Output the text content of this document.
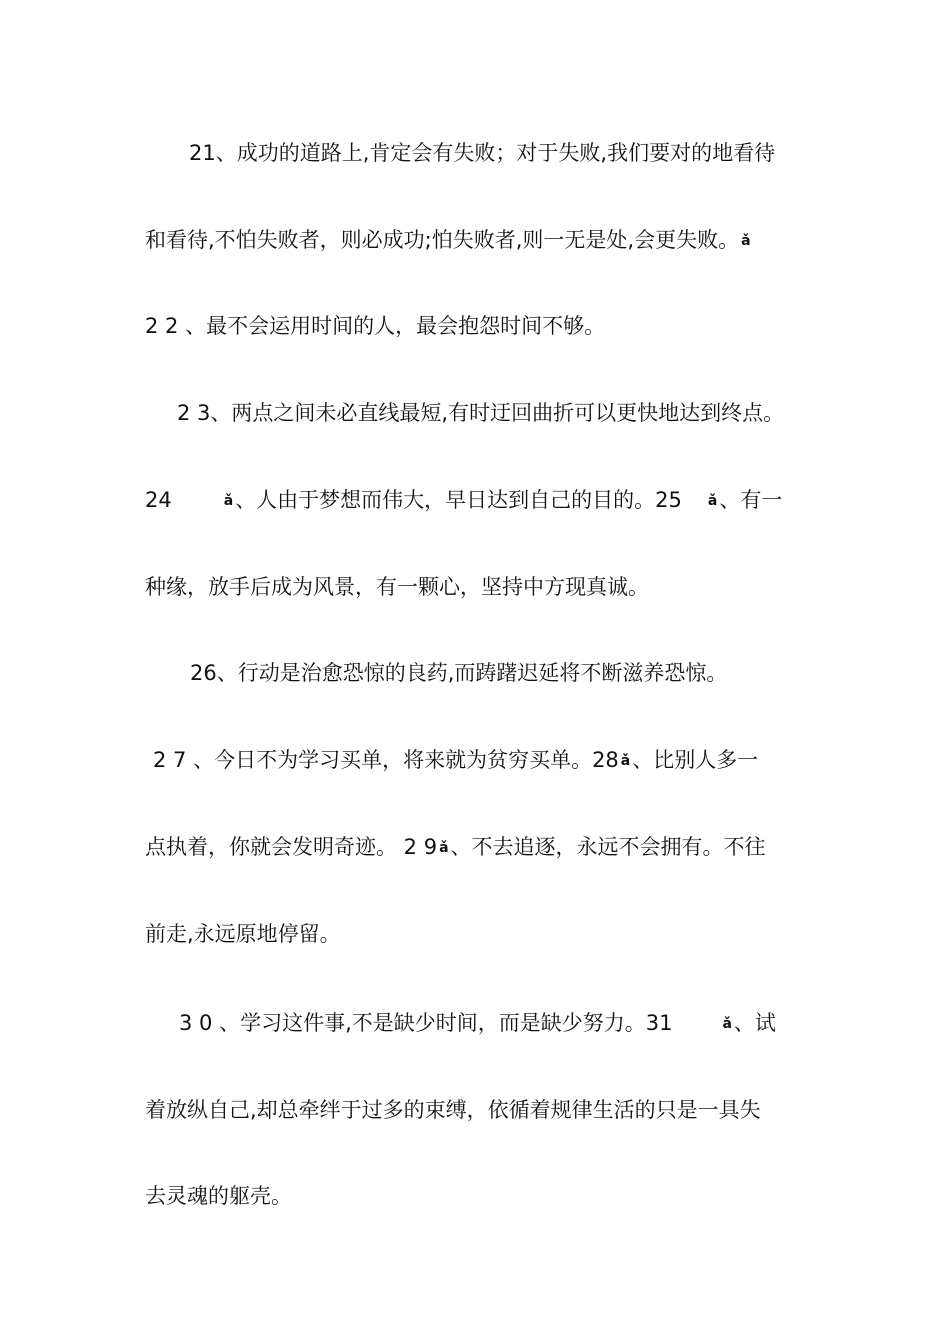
21、成功的道路上,肯定会有失败；对于失败,我们要对的地看待
和看待,不怕失败者，则必成功;怕失败者,则一无是处,会更失败。 ǎ
2 2 、最不会运用时间的人，最会抱怨时间不够。
2 3、两点之间未必直线最短,有时迂回曲折可以更快地达到终点。
24	ǎ、人由于梦想而伟大，早日达到自己的目的。25 ǎ、有一
种缘，放手后成为风景，有一颗心，坚持中方现真诚。
26、行动是治愈恐惊的良药,而踌躇迟延将不断滋养恐惊。
2 7 、今日不为学习买单，将来就为贫穷买单。28 ǎ、比别人多一
点执着，你就会发明奇迹。 2 9 ǎ、不去追逐，永远不会拥有。不往
前走,永远原地停留。
3 0 、学习这件事,不是缺少时间，而是缺少努力。31	ǎ、试
着放纵自己,却总牵绊于过多的束缚，依循着规律生活的只是一具失
去灵魂的躯壳。
